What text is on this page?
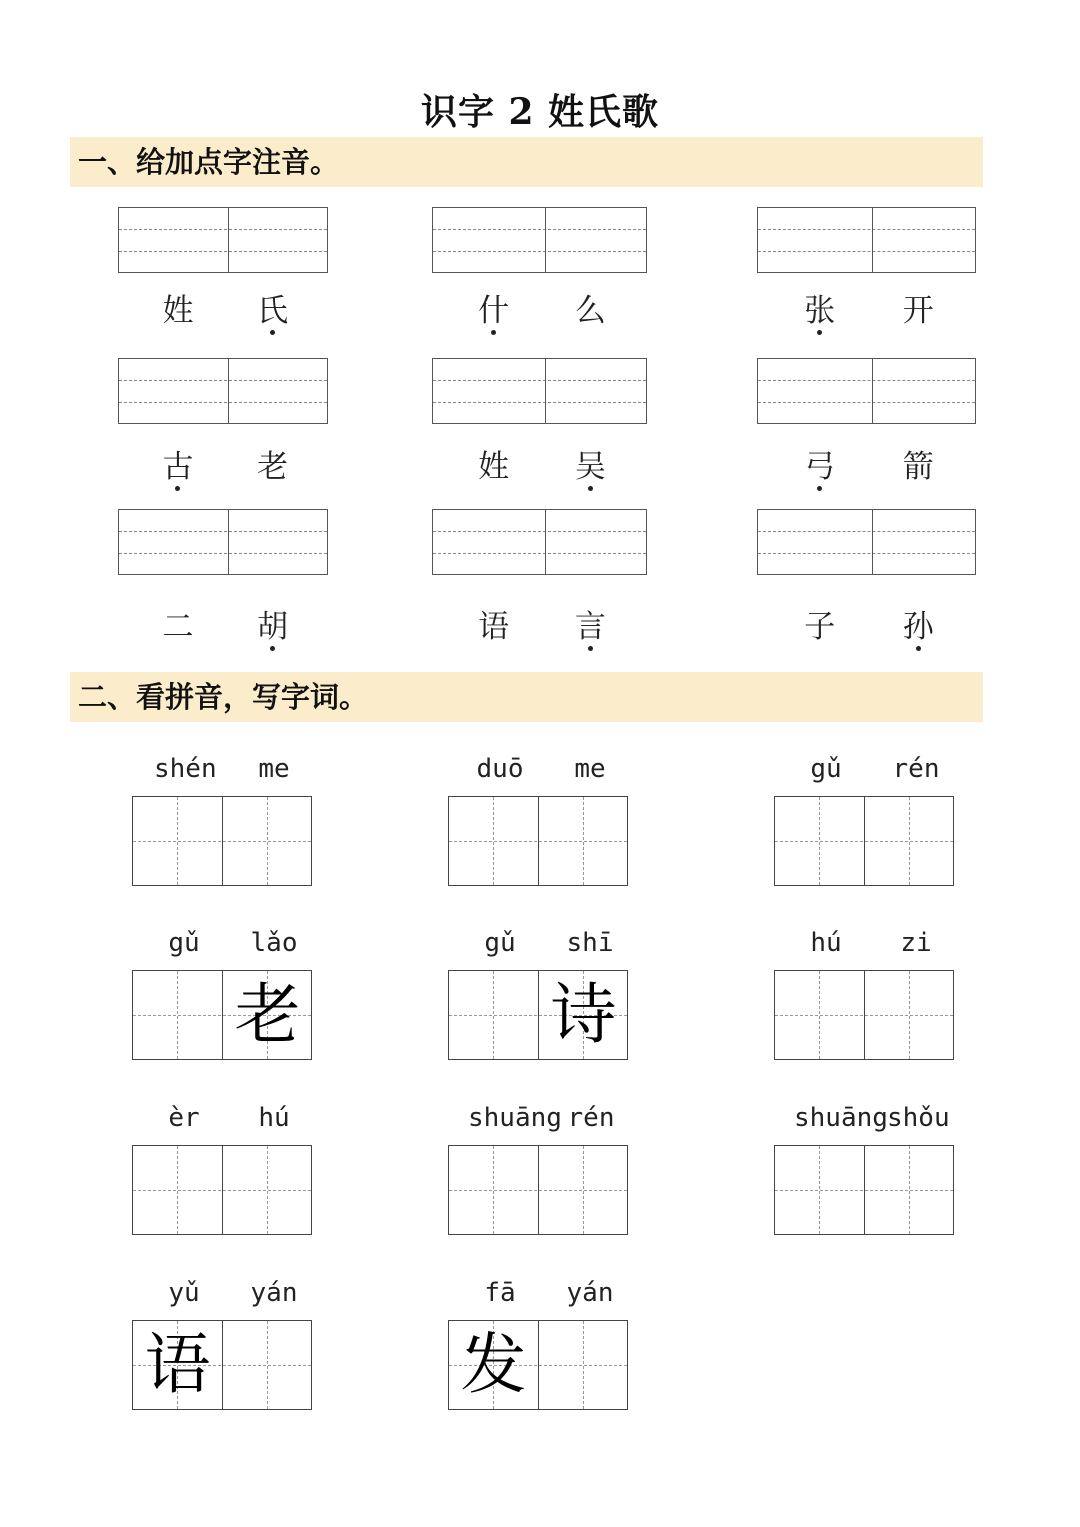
识字 2 姓氏歌
一、给加点字注音。
二、看拼音，写字词。
姓	氏	什	么	张	开
古	老	姓	吴	弓	箭
二	胡	语	言	子	孙
shén	me	duō	me	gǔ	rén
gǔ	lǎo
老
gǔ	shī
诗
hú	zi
èr	hú	shuāng rén	shuāng shǒu
yǔ	yán
语
fā	yán
发
